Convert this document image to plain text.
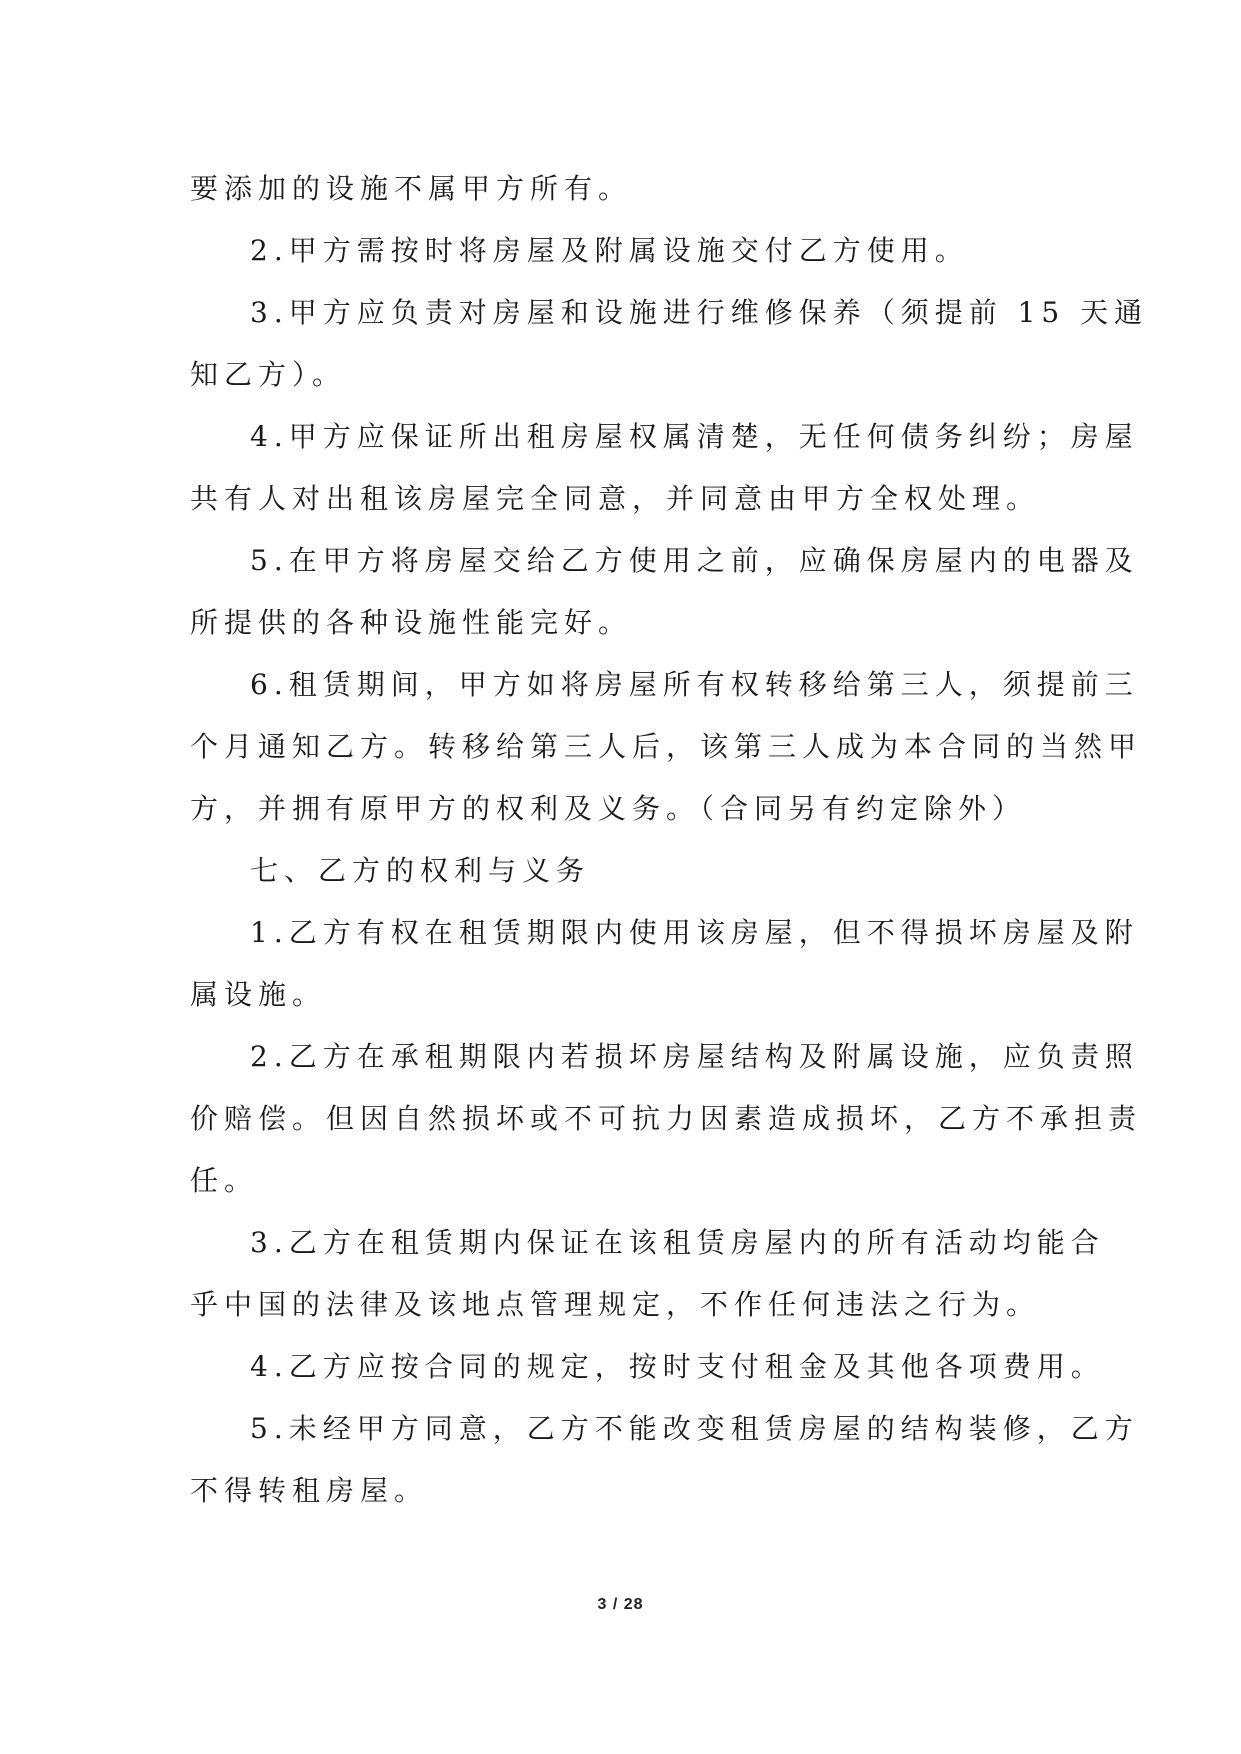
要添加的设施不属甲方所有。

2.甲方需按时将房屋及附属设施交付乙方使用。

3.甲方应负责对房屋和设施进行维修保养（须提前 15 天通

知乙方）。

4.甲方应保证所出租房屋权属清楚，无任何债务纠纷；房屋

共有人对出租该房屋完全同意，并同意由甲方全权处理。

5.在甲方将房屋交给乙方使用之前，应确保房屋内的电器及

所提供的各种设施性能完好。

6.租赁期间，甲方如将房屋所有权转移给第三人，须提前三

个月通知乙方。转移给第三人后，该第三人成为本合同的当然甲

方，并拥有原甲方的权利及义务。（合同另有约定除外）

七、乙方的权利与义务

1.乙方有权在租赁期限内使用该房屋，但不得损坏房屋及附

属设施。

2.乙方在承租期限内若损坏房屋结构及附属设施，应负责照

价赔偿。但因自然损坏或不可抗力因素造成损坏，乙方不承担责

任。

3.乙方在租赁期内保证在该租赁房屋内的所有活动均能合

乎中国的法律及该地点管理规定，不作任何违法之行为。

4.乙方应按合同的规定，按时支付租金及其他各项费用。

5.未经甲方同意，乙方不能改变租赁房屋的结构装修，乙方

不得转租房屋。

3 / 28
